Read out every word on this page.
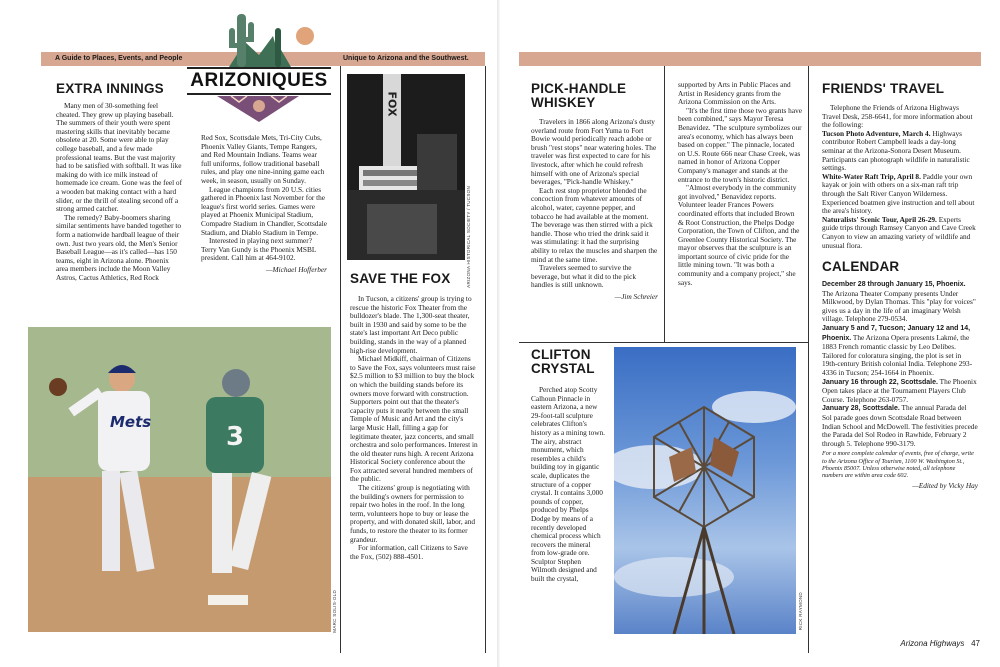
A Guide to Places, Events, and People	Unique to Arizona and the Southwest.
ARIZONIQUES
EXTRA INNINGS

Many men of 30-something feel cheated. They grew up playing baseball. The summers of their youth were spent mastering skills that inevitably became obsolete at 20. Some were able to play college baseball, and a few made professional teams. But the vast majority had to be satisfied with softball. It was like making do with ice milk instead of homemade ice cream. Gone was the feel of a wooden bat making contact with a hard slider, or the thrill of stealing second off a strong armed catcher.

The remedy? Baby-boomers sharing similar sentiments have banded together to form a nationwide hardball league of their own. Just two years old, the Men's Senior Baseball League—as it's called—has 150 teams, eight in Arizona alone. Phoenix area members include the Moon Valley Astros, Cactus Athletics, Red Rock

Red Sox, Scottsdale Mets, Tri-City Cubs, Phoenix Valley Giants, Tempe Rangers, and Red Mountain Indians. Teams wear full uniforms, follow traditional baseball rules, and play one nine-inning game each week, in season, usually on Sunday.

League champions from 20 U.S. cities gathered in Phoenix last November for the league's first world series. Games were played at Phoenix Municipal Stadium, Compadre Stadium in Chandler, Scottsdale Stadium, and Diablo Stadium in Tempe.

Interested in playing next summer? Terry Van Gundy is the Phoenix MSBL president. Call him at 464-9102.

—Michael Hofferber
Mets	3
MARC SOLIS-OLD
FOX
ARIZONA HISTORICAL SOCIETY / TUCSON
SAVE THE FOX

In Tucson, a citizens' group is trying to rescue the historic Fox Theater from the bulldozer's blade. The 1,300-seat theater, built in 1930 and said by some to be the state's last important Art Deco public building, stands in the way of a planned high-rise development.

Michael Midkiff, chairman of Citizens to Save the Fox, says volunteers must raise $2.5 million to $3 million to buy the block on which the building stands before its owners move forward with construction. Supporters point out that the theater's capacity puts it neatly between the small Temple of Music and Art and the city's large Music Hall, filling a gap for legitimate theater, jazz concerts, and small orchestra and solo performances. Interest in the old theater runs high. A recent Arizona Historical Society conference about the Fox attracted several hundred members of the public.

The citizens' group is negotiating with the building's owners for permission to repair two holes in the roof. In the long term, volunteers hope to buy or lease the property, and with donated skill, labor, and funds, to restore the theater to its former grandeur.

For information, call Citizens to Save the Fox, (502) 888-4501.

PICK-HANDLE
WHISKEY

Travelers in 1866 along Arizona's dusty overland route from Fort Yuma to Fort Bowie would periodically reach adobe or brush "rest stops" near watering holes. The traveler was first expected to care for his livestock, after which he could refresh himself with one of Arizona's special beverages, "Pick-handle Whiskey."

Each rest stop proprietor blended the concoction from whatever amounts of alcohol, water, cayenne pepper, and tobacco he had available at the moment. The beverage was then stirred with a pick handle. Those who tried the drink said it was stimulating: it had the surprising ability to relax the muscles and sharpen the mind at the same time.

Travelers seemed to survive the beverage, but what it did to the pick handles is still unknown.

—Jim Schreier
CLIFTON
CRYSTAL

Perched atop Scotty Calhoun Pinnacle in eastern Arizona, a new 29-foot-tall sculpture celebrates Clifton's history as a mining town. The airy, abstract monument, which resembles a child's building toy in gigantic scale, duplicates the structure of a copper crystal. It contains 3,000 pounds of copper, produced by Phelps Dodge by means of a recently developed chemical process which recovers the mineral from low-grade ore. Sculptor Stephen Wilmoth designed and built the crystal,

supported by Arts in Public Places and Artist in Residency grants from the Arizona Commission on the Arts.

"It's the first time those two grants have been combined," says Mayor Teresa Benavidez. "The sculpture symbolizes our area's economy, which has always been based on copper." The pinnacle, located on U.S. Route 666 near Chase Creek, was named in honor of Arizona Copper Company's manager and stands at the entrance to the town's historic district.

"Almost everybody in the community got involved," Benavidez reports. Volunteer leader Frances Powers coordinated efforts that included Brown & Root Construction, the Phelps Dodge Corporation, the Town of Clifton, and the Greenlee County Historical Society. The mayor observes that the sculpture is an important source of civic pride for the little mining town. "It was both a community and a company project," she says.

RICK RAYMOND
FRIENDS' TRAVEL

Telephone the Friends of Arizona Highways Travel Desk, 258-6641, for more information about the following:

Tucson Photo Adventure, March 4. Highways contributor Robert Campbell leads a day-long seminar at the Arizona-Sonora Desert Museum. Participants can photograph wildlife in naturalistic settings.

White-Water Raft Trip, April 8. Paddle your own kayak or join with others on a six-man raft trip through the Salt River Canyon Wilderness. Experienced boatmen give instruction and tell about the area's history.

Naturalists' Scenic Tour, April 26-29. Experts guide trips through Ramsey Canyon and Cave Creek Canyon to view an amazing variety of wildlife and unusual flora.

CALENDAR

December 28 through January 15, Phoenix. The Arizona Theater Company presents Under Milkwood, by Dylan Thomas. This "play for voices" gives us a day in the life of an imaginary Welsh village. Telephone 279-0534.

January 5 and 7, Tucson; January 12 and 14, Phoenix. The Arizona Opera presents Lakmé, the 1883 French romantic classic by Leo Delibes. Tailored for coloratura singing, the plot is set in 19th-century British colonial India. Telephone 293-4336 in Tucson; 254-1664 in Phoenix.

January 16 through 22, Scottsdale. The Phoenix Open takes place at the Tournament Players Club Course. Telephone 263-0757.

January 28, Scottsdale. The annual Parada del Sol parade goes down Scottsdale Road between Indian School and McDowell. The festivities precede the Parada del Sol Rodeo in Rawhide, February 2 through 5. Telephone 990-3179.

For a more complete calendar of events, free of charge, write to the Arizona Office of Tourism, 1100 W. Washington St., Phoenix 85007. Unless otherwise noted, all telephone numbers are within area code 602.

—Edited by Vicky Hay
Arizona Highways 47
